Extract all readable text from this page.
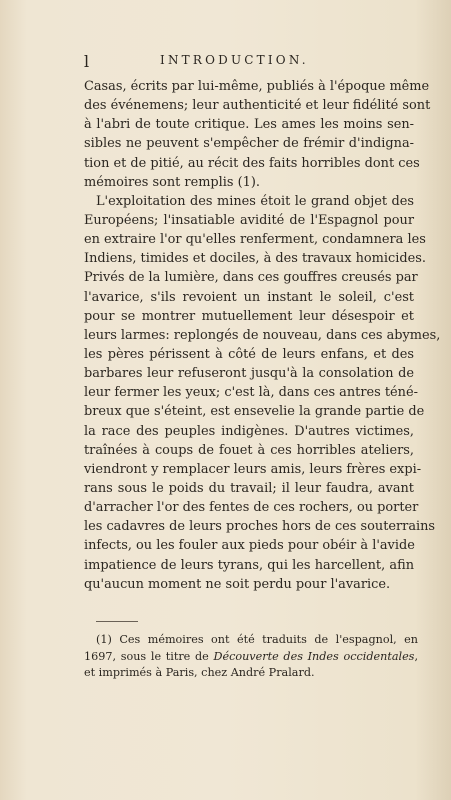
l	INTRODUCTION.

Casas, écrits par lui-même, publiés à l'époque même
des événemens; leur authenticité et leur fidélité sont
à l'abri de toute critique. Les ames les moins sen-
sibles ne peuvent s'empêcher de frémir d'indigna-
tion et de pitié, au récit des faits horribles dont ces
mémoires sont remplis (1).

L'exploitation des mines étoit le grand objet des
Européens; l'insatiable avidité de l'Espagnol pour
en extraire l'or qu'elles renferment, condamnera les
Indiens, timides et dociles, à des travaux homicides.
Privés de la lumière, dans ces gouffres creusés par
l'avarice, s'ils revoient un instant le soleil, c'est
pour se montrer mutuellement leur désespoir et
leurs larmes: replongés de nouveau, dans ces abymes,
les pères périssent à côté de leurs enfans, et des
barbares leur refuseront jusqu'à la consolation de
leur fermer les yeux; c'est là, dans ces antres téné-
breux que s'éteint, est ensevelie la grande partie de
la race des peuples indigènes. D'autres victimes,
traînées à coups de fouet à ces horribles ateliers,
viendront y remplacer leurs amis, leurs frères expi-
rans sous le poids du travail; il leur faudra, avant
d'arracher l'or des fentes de ces rochers, ou porter
les cadavres de leurs proches hors de ces souterrains
infects, ou les fouler aux pieds pour obéir à l'avide
impatience de leurs tyrans, qui les harcellent, afin
qu'aucun moment ne soit perdu pour l'avarice.

(1) Ces mémoires ont été traduits de l'espagnol, en
1697, sous le titre de Découverte des Indes occidentales,
et imprimés à Paris, chez André Pralard.
